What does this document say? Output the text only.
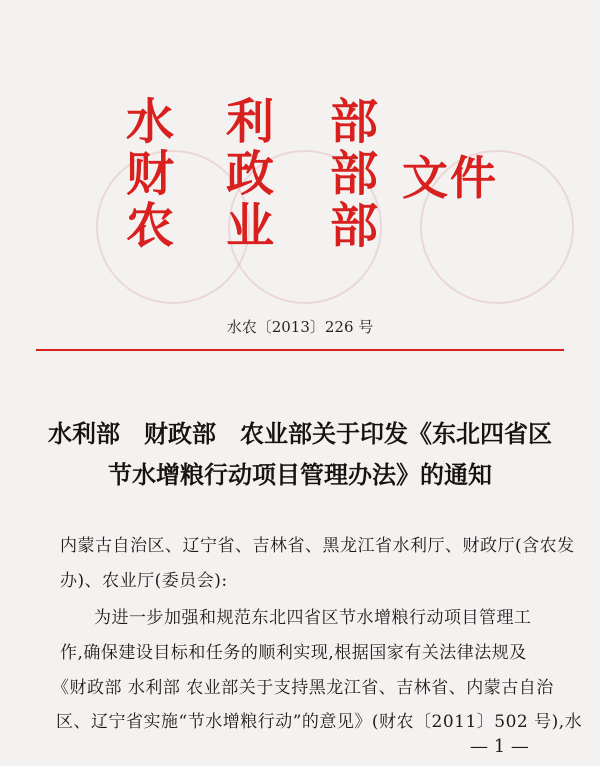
水 利 部
财 政 部
农 业 部
文件
水农〔2013〕226 号
水利部　财政部　农业部关于印发《东北四省区
节水增粮行动项目管理办法》的通知
内蒙古自治区、辽宁省、吉林省、黑龙江省水利厅、财政厅(含农发
办)、农业厅(委员会):
为进一步加强和规范东北四省区节水增粮行动项目管理工
作,确保建设目标和任务的顺利实现,根据国家有关法律法规及
《财政部 水利部 农业部关于支持黑龙江省、吉林省、内蒙古自治
区、辽宁省实施“节水增粮行动”的意见》(财农〔2011〕502 号),水
— 1 —
